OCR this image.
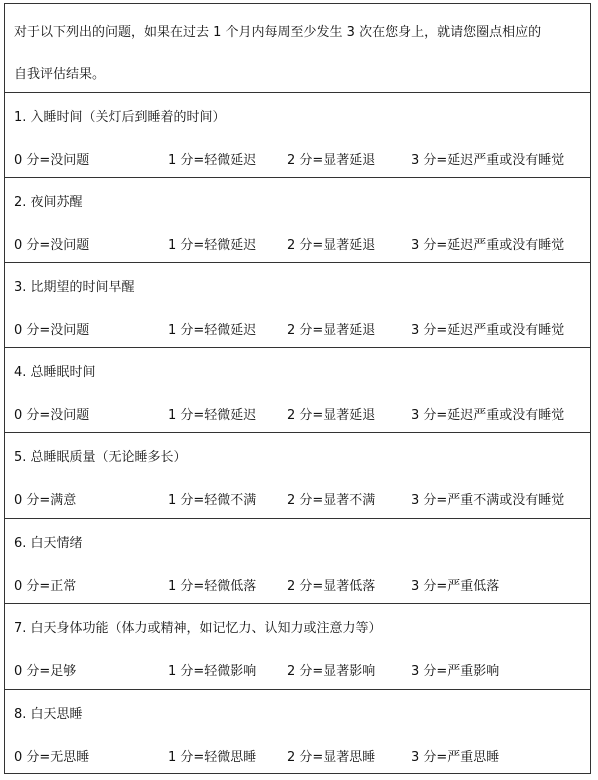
对于以下列出的问题，如果在过去 1 个月内每周至少发生 3 次在您身上，就请您圈点相应的
自我评估结果。
1. 入睡时间（关灯后到睡着的时间）
0 分=没问题	1 分=轻微延迟 2 分=显著延退	3 分=延迟严重或没有睡觉
2. 夜间苏醒
0 分=没问题	1 分=轻微延迟 2 分=显著延退	3 分=延迟严重或没有睡觉
3. 比期望的时间早醒
0 分=没问题	1 分=轻微延迟 2 分=显著延退	3 分=延迟严重或没有睡觉
4. 总睡眠时间
0 分=没问题	1 分=轻微延迟 2 分=显著延退	3 分=延迟严重或没有睡觉
5. 总睡眠质量（无论睡多长）
0 分=满意	1 分=轻微不满 2 分=显著不满	3 分=严重不满或没有睡觉
6. 白天情绪
0 分=正常	1 分=轻微低落 2 分=显著低落	3 分=严重低落
7. 白天身体功能（体力或精神，如记忆力、认知力或注意力等）
0 分=足够	1 分=轻微影响 2 分=显著影响	3 分=严重影响
8. 白天思睡
0 分=无思睡	1 分=轻微思睡 2 分=显著思睡	3 分=严重思睡
